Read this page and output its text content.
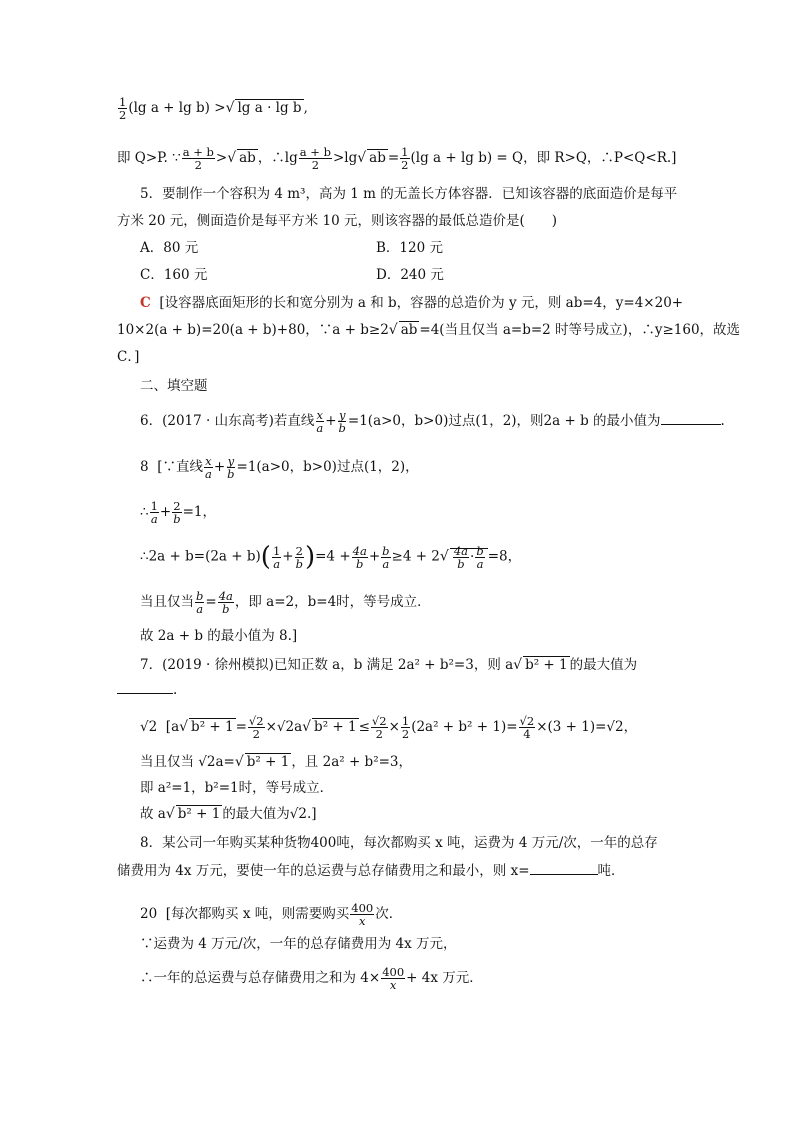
$\frac{1}{2} (\lg$ a + lg b) >√ lg a · lg b ,
即 Q>P. ∵ $\frac{a + b}{2}$ >√ ab ，∴lg $\frac{a + b}{2} >\lg√$ ab = $\frac{1}{2} (\lg$ a + lg b) = Q，即 R>Q，∴P<Q<R.]
5．要制作一个容积为 4 m³，高为 1 m 的无盖长方体容器．已知该容器的底面造价是每平
方米 20 元，侧面造价是每平方米 10 元，则该容器的最低总造价是(　　)
A．80 元	B．120 元
C．160 元	D．240 元
C [设容器底面矩形的长和宽分别为 a 和 b，容器的总造价为 y 元，则 ab=4，y=4×20+
10×2(a + b)=20(a + b)+80，∵a + b≥2√ ab =4(当且仅当 a=b=2 时等号成立)，∴y≥160，故选
C．]
二、填空题
6．(2017 · 山东高考)若直线 $\frac{x}{a} + \frac{y}{b} =1(a>0$，b>0)过点(1，2)，则2a + b 的最小值为	.
8 [∵直线 $\frac{x}{a} + \frac{y}{b} =1(a>0$，b>0)过点(1，2)，
∴ $\frac{1}{a} + \frac{2}{b} =1$，
∴2a + $b=(2a + b)( \frac{1}{a} + \frac{2}{b} )=4 + \frac{4a}{b} + \frac{b}{a} \ge 4 + 2√ \frac{4a}{b} \cdot \frac{b}{a} =8$，
当且仅当 $\frac{b}{a} = \frac{4a}{b}$ ，即 a=2，b=4时，等号成立．
故 2a + b 的最小值为 8.]
7．(2019 · 徐州模拟)已知正数 a，b 满足 2a² + b²=3，则 a√ b² + 1 的最大值为
.
√2 [a√ $b^2 + 1 = \frac{√2}{2} \times√2a√$ $b^2 + 1 \le \frac{√2}{2} \times \frac{1}{2} (2a^2 + b^2 + 1)= \frac{√2}{4} \times(3 + 1)=√2$，
当且仅当 √2a=√ b² + 1 ，且 2a² + b²=3，
即 a²=1，b²=1时，等号成立．
故 a√ b² + 1 的最大值为√2.]
8．某公司一年购买某种货物400吨，每次都购买 x 吨，运费为 4 万元/次，一年的总存
储费用为 4x 万元，要使一年的总运费与总存储费用之和最小，则 x=	吨．
20 [每次都购买 x 吨，则需要购买 $\frac{400}{x}$ 次．
∵运费为 4 万元/次，一年的总存储费用为 4x 万元，
∴一年的总运费与总存储费用之和为 $4\times \frac{400}{x} + 4x$ 万元．
